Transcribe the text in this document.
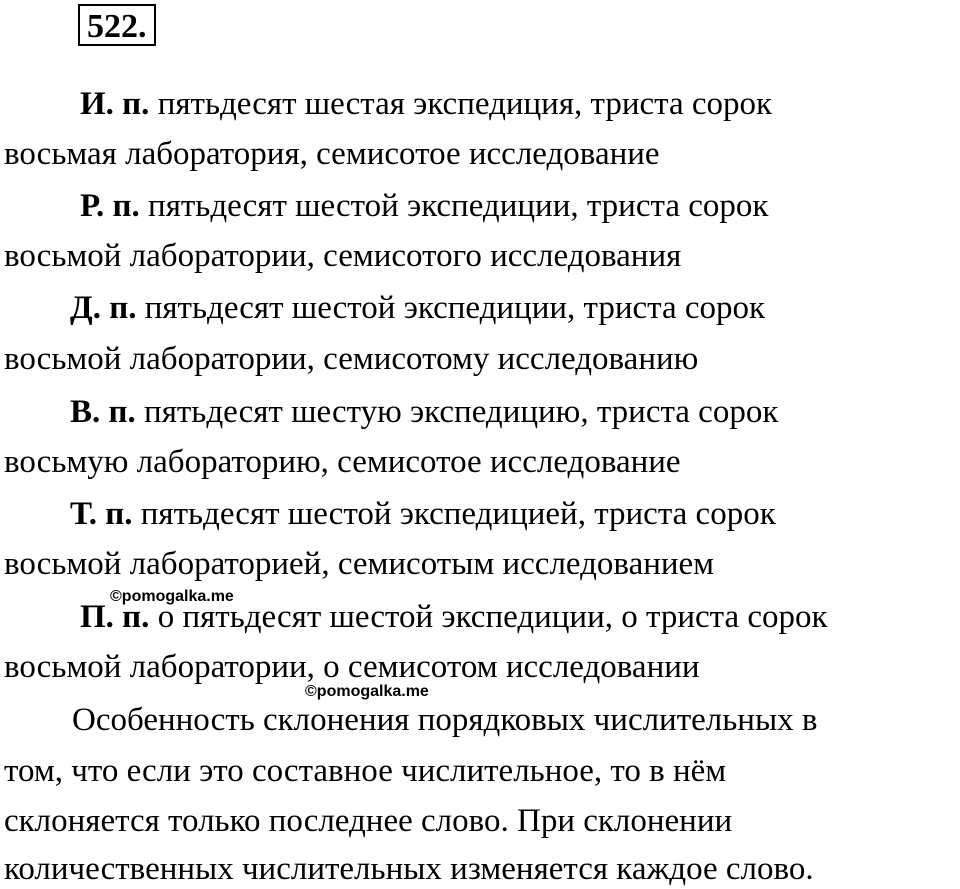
522.
И. п. пятьдесят шестая экспедиция, триста сорок
восьмая лаборатория, семисотое исследование
Р. п. пятьдесят шестой экспедиции, триста сорок
восьмой лаборатории, семисотого исследования
Д. п. пятьдесят шестой экспедиции, триста сорок
восьмой лаборатории, семисотому исследованию
В. п. пятьдесят шестую экспедицию, триста сорок
восьмую лабораторию, семисотое исследование
Т. п. пятьдесят шестой экспедицией, триста сорок
восьмой лабораторией, семисотым исследованием
©pomogalka.me
П. п. о пятьдесят шестой экспедиции, о триста сорок
восьмой лаборатории, о семисотом исследовании
©pomogalka.me
Особенность склонения порядковых числительных в
том, что если это составное числительное, то в нём
склоняется только последнее слово. При склонении
количественных числительных изменяется каждое слово.
